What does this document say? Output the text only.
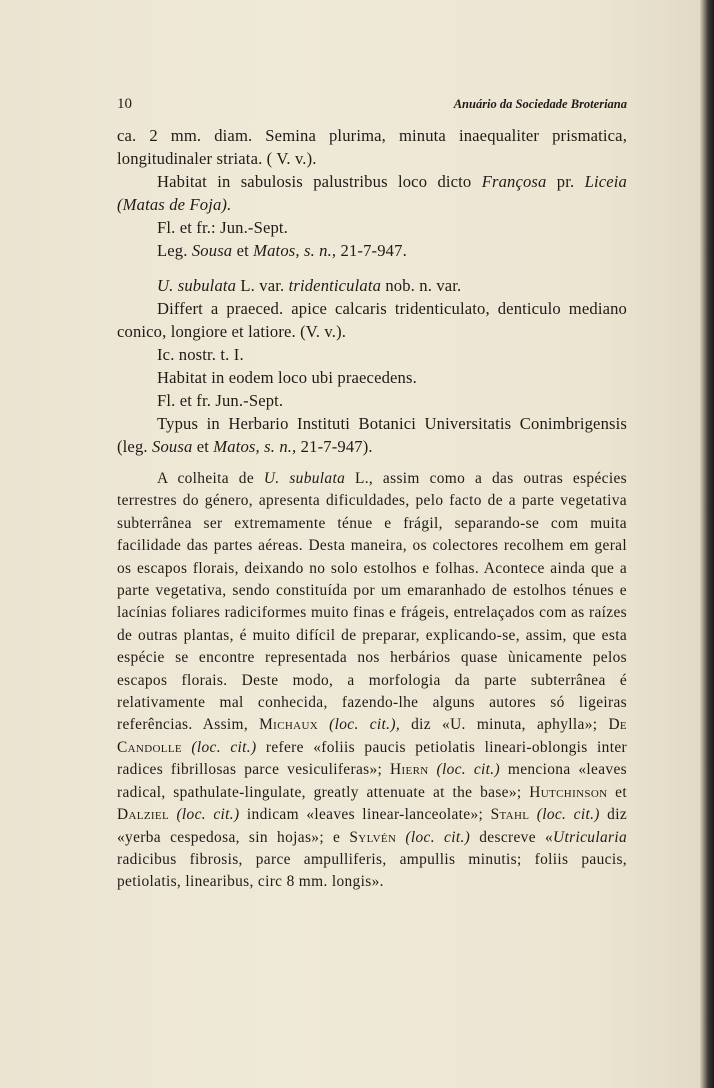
10	Anuário da Sociedade Broteriana

ca. 2 mm. diam. Semina plurima, minuta inaequaliter prismatica, longitudinaler striata. ( V. v.).

Habitat in sabulosis palustribus loco dicto Françosa pr. Liceia (Matas de Foja).

Fl. et fr.: Jun.-Sept.

Leg. Sousa et Matos, s. n., 21-7-947.

U. subulata L. var. tridenticulata nob. n. var.

Differt a praeced. apice calcaris tridenticulato, denticulo mediano conico, longiore et latiore. (V. v.).

Ic. nostr. t. I.

Habitat in eodem loco ubi praecedens.

Fl. et fr. Jun.-Sept.

Typus in Herbario Instituti Botanici Universitatis Conimbrigensis (leg. Sousa et Matos, s. n., 21-7-947).

A colheita de U. subulata L., assim como a das outras espécies terrestres do género, apresenta dificuldades, pelo facto de a parte vegetativa subterrânea ser extremamente ténue e frágil, separando-se com muita facilidade das partes aéreas. Desta maneira, os colectores recolhem em geral os escapos florais, deixando no solo estolhos e folhas. Acontece ainda que a parte vegetativa, sendo constituída por um emaranhado de estolhos ténues e lacínias foliares radiciformes muito finas e frágeis, entrelaçados com as raízes de outras plantas, é muito difícil de preparar, explicando-se, assim, que esta espécie se encontre representada nos herbários quase ùnicamente pelos escapos florais. Deste modo, a morfologia da parte subterrânea é relativamente mal conhecida, fazendo-lhe alguns autores só ligeiras referências. Assim, Michaux (loc. cit.), diz «U. minuta, aphylla»; De Candolle (loc. cit.) refere «foliis paucis petiolatis lineari-oblongis inter radices fibrillosas parce vesiculiferas»; Hiern (loc. cit.) menciona «leaves radical, spathulate-lingulate, greatly attenuate at the base»; Hutchinson et Dalziel (loc. cit.) indicam «leaves linear-lanceolate»; Stahl (loc. cit.) diz «yerba cespedosa, sin hojas»; e Sylvén (loc. cit.) descreve «Utricularia radicibus fibrosis, parce ampulliferis, ampullis minutis; foliis paucis, petiolatis, linearibus, circ 8 mm. longis».
